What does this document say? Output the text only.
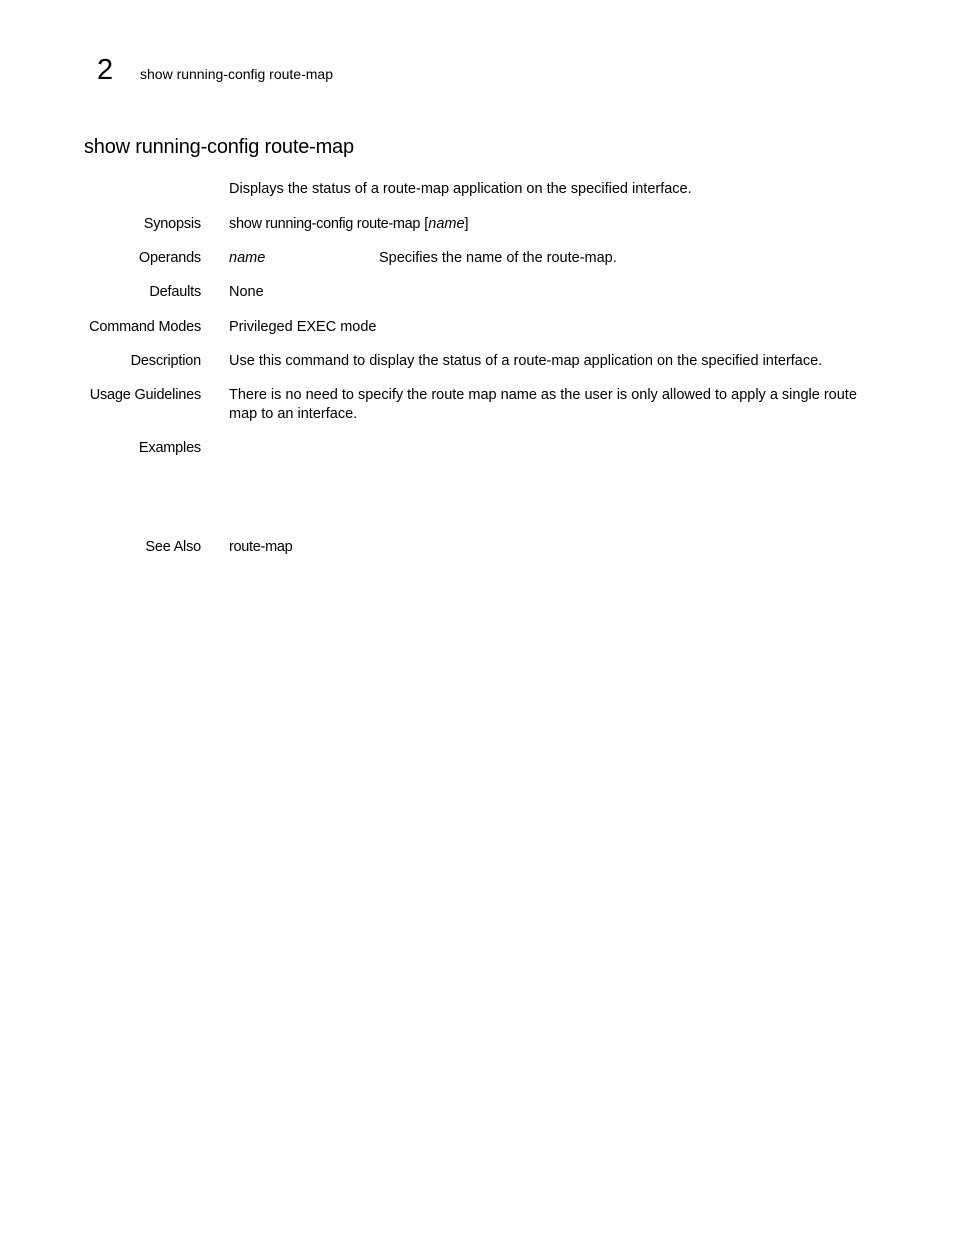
2 show running-config route-map
show running-config route-map
Displays the status of a route-map application on the specified interface.
Synopsis show running-config route-map [name]
Operands name	Specifies the name of the route-map.
Defaults None
Command Modes Privileged EXEC mode
Description Use this command to display the status of a route-map application on the specified interface.
Usage Guidelines There is no need to specify the route map name as the user is only allowed to apply a single route map to an interface.
Examples
See Also route-map
